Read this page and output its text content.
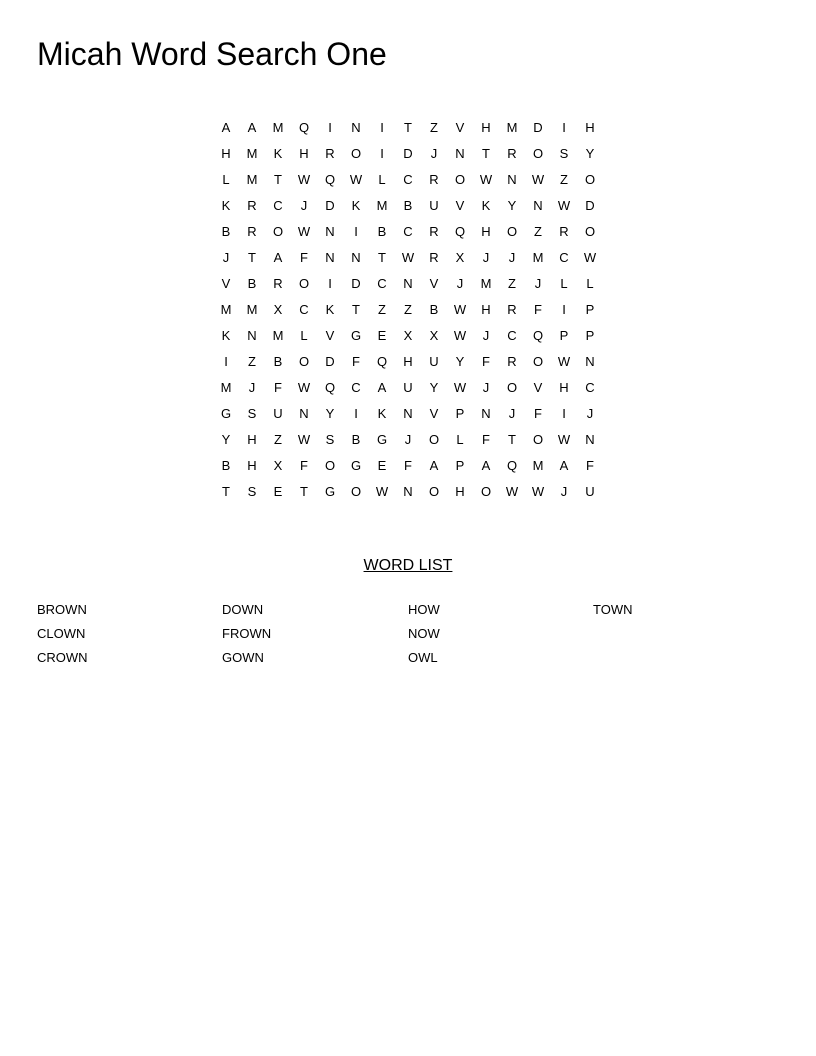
Micah Word Search One
A	A	M	Q	I	N	I	T	Z	V	H	M	D	I	H
H	M	K	H	R	O	I	D	J	N	T	R	O	S	Y
L	M	T	W	Q	W	L	C	R	O	W	N	W	Z	O
K	R	C	J	D	K	M	B	U	V	K	Y	N	W	D
B	R	O	W	N	I	B	C	R	Q	H	O	Z	R	O
J	T	A	F	N	N	T	W	R	X	J	J	M	C	W
V	B	R	O	I	D	C	N	V	J	M	Z	J	L	L
M	M	X	C	K	T	Z	Z	B	W	H	R	F	I	P
K	N	M	L	V	G	E	X	X	W	J	C	Q	P	P
I	Z	B	O	D	F	Q	H	U	Y	F	R	O	W	N
M	J	F	W	Q	C	A	U	Y	W	J	O	V	H	C
G	S	U	N	Y	I	K	N	V	P	N	J	F	I	J
Y	H	Z	W	S	B	G	J	O	L	F	T	O	W	N
B	H	X	F	O	G	E	F	A	P	A	Q	M	A	F
T	S	E	T	G	O	W	N	O	H	O	W	W	J	U
WORD LIST
BROWN
CLOWN
CROWN
DOWN
FROWN
GOWN
HOW
NOW
OWL
TOWN
